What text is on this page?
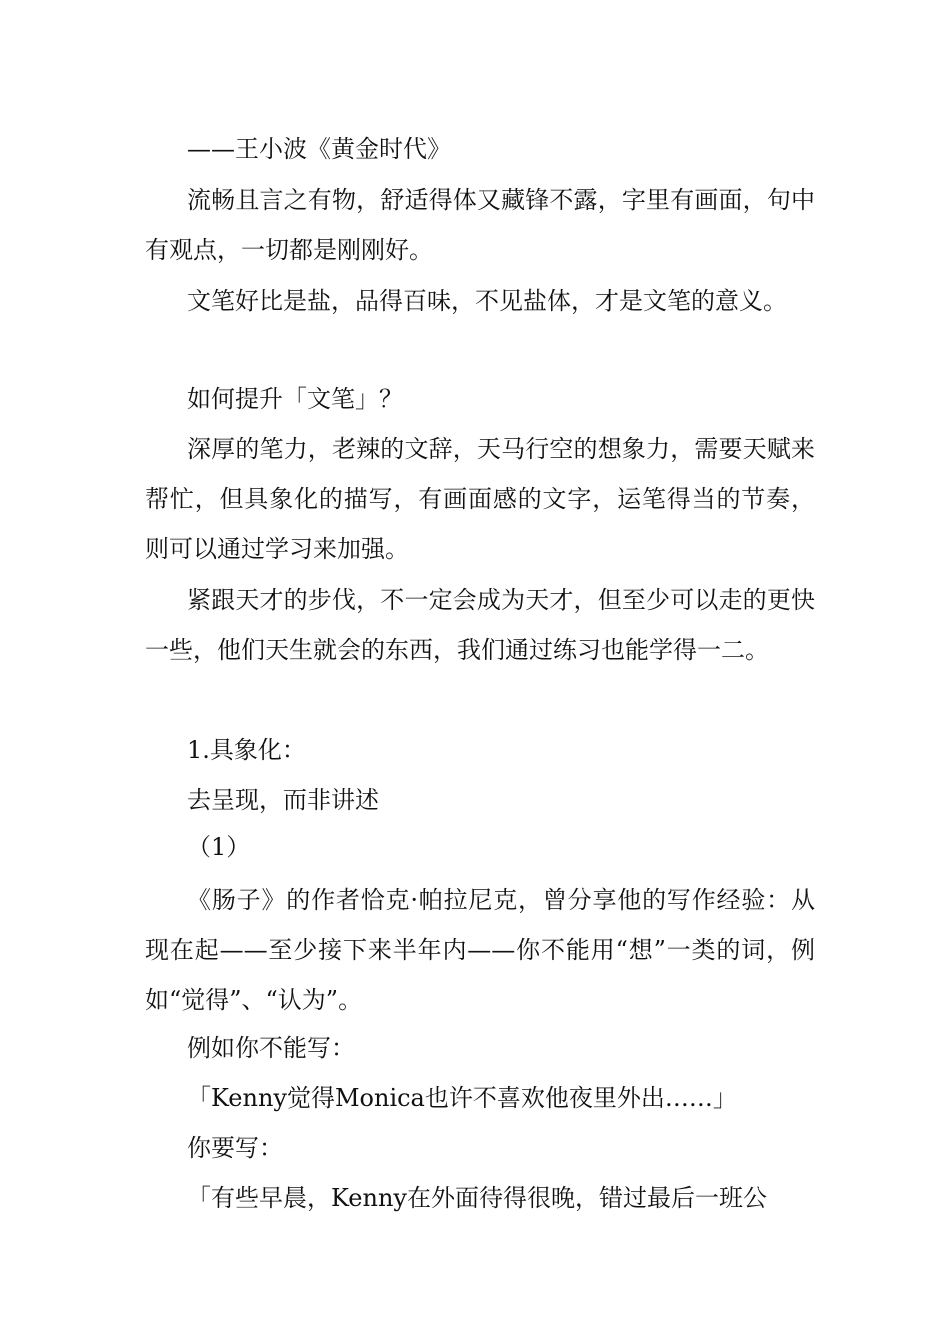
——王小波《黄金时代》

流畅且言之有物，舒适得体又藏锋不露，字里有画面，句中有观点，一切都是刚刚好。

文笔好比是盐，品得百味，不见盐体，才是文笔的意义。

如何提升「文笔」？

深厚的笔力，老辣的文辞，天马行空的想象力，需要天赋来帮忙，但具象化的描写，有画面感的文字，运笔得当的节奏，则可以通过学习来加强。

紧跟天才的步伐，不一定会成为天才，但至少可以走的更快一些，他们天生就会的东西，我们通过练习也能学得一二。

1.具象化：

去呈现，而非讲述

（1）

《肠子》的作者恰克·帕拉尼克，曾分享他的写作经验：从现在起——至少接下来半年内——你不能用“想”一类的词，例如“觉得”、“认为”。

例如你不能写：

「Kenny觉得Monica也许不喜欢他夜里外出……」

你要写：

「有些早晨，Kenny在外面待得很晚，错过最后一班公
